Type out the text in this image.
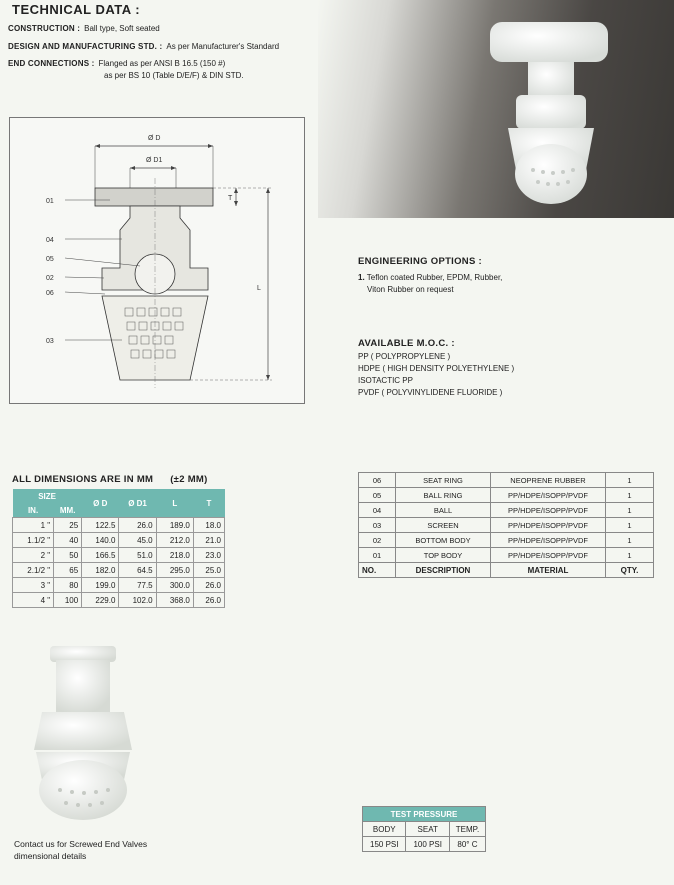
TECHNICAL DATA :
CONSTRUCTION : Ball type, Soft seated
DESIGN AND MANUFACTURING STD. : As per Manufacturer's Standard
END CONNECTIONS : Flanged as per ANSI B 16.5 (150 #)
as per BS 10 (Table D/E/F) & DIN STD.
Ø D
Ø D1
T
L
01
04
05
02
06
03
ENGINEERING OPTIONS :
1. Teflon coated Rubber, EPDM, Rubber,
Viton Rubber on request
AVAILABLE M.O.C. :
PP ( POLYPROPYLENE )
HDPE ( HIGH DENSITY POLYETHYLENE )
ISOTACTIC PP
PVDF ( POLYVINYLIDENE FLUORIDE )
ALL DIMENSIONS ARE IN MM (±2 MM)
SIZE		Ø D	Ø D1	L	T
IN.	MM.				
1 "	25	122.5	26.0	189.0	18.0
1.1/2 "	40	140.0	45.0	212.0	21.0
2 "	50	166.5	51.0	218.0	23.0
2.1/2 "	65	182.0	64.5	295.0	25.0
3 "	80	199.0	77.5	300.0	26.0
4 "	100	229.0	102.0	368.0	26.0
06	SEAT RING	NEOPRENE RUBBER	1
05	BALL RING	PP/HDPE/ISOPP/PVDF	1
04	BALL	PP/HDPE/ISOPP/PVDF	1
03	SCREEN	PP/HDPE/ISOPP/PVDF	1
02	BOTTOM BODY	PP/HDPE/ISOPP/PVDF	1
01	TOP BODY	PP/HDPE/ISOPP/PVDF	1
NO.	DESCRIPTION	MATERIAL	QTY.
Contact us for Screwed End Valves
dimensional details
TEST PRESSURE		
BODY	SEAT	TEMP.
150 PSI	100 PSI	80° C
